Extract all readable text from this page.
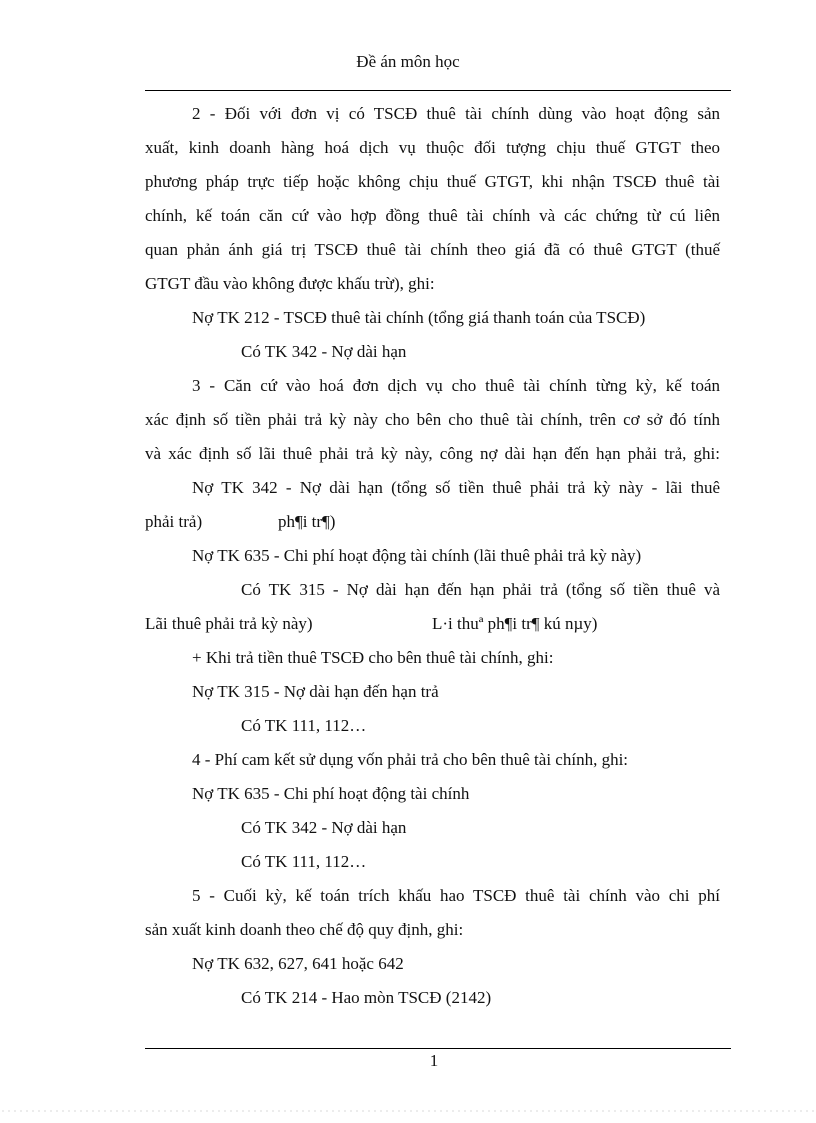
Đề án môn học
2 - Đối với đơn vị có TSCĐ thuê tài chính dùng vào hoạt động sản
xuất, kinh doanh hàng hoá dịch vụ thuộc đối tượng chịu thuế GTGT theo
phương pháp trực tiếp hoặc không chịu thuế GTGT, khi nhận TSCĐ thuê tài
chính, kế toán căn cứ vào hợp đồng thuê tài chính và các chứng từ cú liên
quan phản ánh giá trị TSCĐ thuê tài chính theo giá đã có thuê GTGT (thuế
GTGT đầu vào không được khấu trừ), ghi:
Nợ TK 212 - TSCĐ thuê tài chính (tổng giá thanh toán của TSCĐ)
Có TK 342 - Nợ dài hạn
3 - Căn cứ vào hoá đơn dịch vụ cho thuê tài chính từng kỳ, kế toán
xác định số tiền phải trả kỳ này cho bên cho thuê tài chính, trên cơ sở đó tính
và xác định số lãi thuê phải trả kỳ này, công nợ dài hạn đến hạn phải trả, ghi:
Nợ TK 342 - Nợ dài hạn (tổng số tiền thuê phải trả kỳ này - lãi thuê
phải trả)	ph¶i tr¶)
Nợ TK 635 - Chi phí hoạt động tài chính (lãi thuê phải trả kỳ này)
Có TK 315 - Nợ dài hạn đến hạn phải trả (tổng số tiền thuê và
Lãi thuê phải trả kỳ này)	L·i thuª ph¶i tr¶ kú nµy)
+ Khi trả tiền thuê TSCĐ cho bên thuê tài chính, ghi:
Nợ TK 315 - Nợ dài hạn đến hạn trả
Có TK 111, 112…
4 - Phí cam kết sử dụng vốn phải trả cho bên thuê tài chính, ghi:
Nợ TK 635 - Chi phí hoạt động tài chính
Có TK 342 - Nợ dài hạn
Có TK 111, 112…
5 - Cuối kỳ, kế toán trích khấu hao TSCĐ thuê tài chính vào chi phí
sản xuất kinh doanh theo chế độ quy định, ghi:
Nợ TK 632, 627, 641 hoặc 642
Có TK 214 - Hao mòn TSCĐ (2142)
1
